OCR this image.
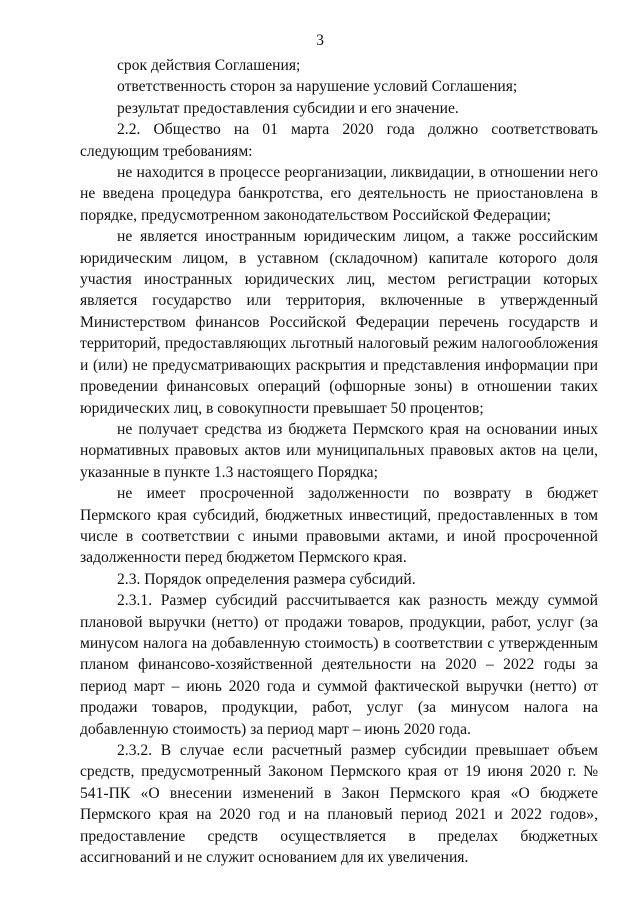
3

срок действия Соглашения;

ответственность сторон за нарушение условий Соглашения;

результат предоставления субсидии и его значение.

2.2. Общество на 01 марта 2020 года должно соответствовать следующим требованиям:

не находится в процессе реорганизации, ликвидации, в отношении него не введена процедура банкротства, его деятельность не приостановлена в порядке, предусмотренном законодательством Российской Федерации;

не является иностранным юридическим лицом, а также российским юридическим лицом, в уставном (складочном) капитале которого доля участия иностранных юридических лиц, местом регистрации которых является государство или территория, включенные в утвержденный Министерством финансов Российской Федерации перечень государств и территорий, предоставляющих льготный налоговый режим налогообложения и (или) не предусматривающих раскрытия и представления информации при проведении финансовых операций (офшорные зоны) в отношении таких юридических лиц, в совокупности превышает 50 процентов;

не получает средства из бюджета Пермского края на основании иных нормативных правовых актов или муниципальных правовых актов на цели, указанные в пункте 1.3 настоящего Порядка;

не имеет просроченной задолженности по возврату в бюджет Пермского края субсидий, бюджетных инвестиций, предоставленных в том числе в соответствии с иными правовыми актами, и иной просроченной задолженности перед бюджетом Пермского края.

2.3. Порядок определения размера субсидий.

2.3.1. Размер субсидий рассчитывается как разность между суммой плановой выручки (нетто) от продажи товаров, продукции, работ, услуг (за минусом налога на добавленную стоимость) в соответствии с утвержденным планом финансово-хозяйственной деятельности на 2020 – 2022 годы за период март – июнь 2020 года и суммой фактической выручки (нетто) от продажи товаров, продукции, работ, услуг (за минусом налога на добавленную стоимость) за период март – июнь 2020 года.

2.3.2. В случае если расчетный размер субсидии превышает объем средств, предусмотренный Законом Пермского края от 19 июня 2020 г. № 541-ПК «О внесении изменений в Закон Пермского края «О бюджете Пермского края на 2020 год и на плановый период 2021 и 2022 годов», предоставление средств осуществляется в пределах бюджетных ассигнований и не служит основанием для их увеличения.
